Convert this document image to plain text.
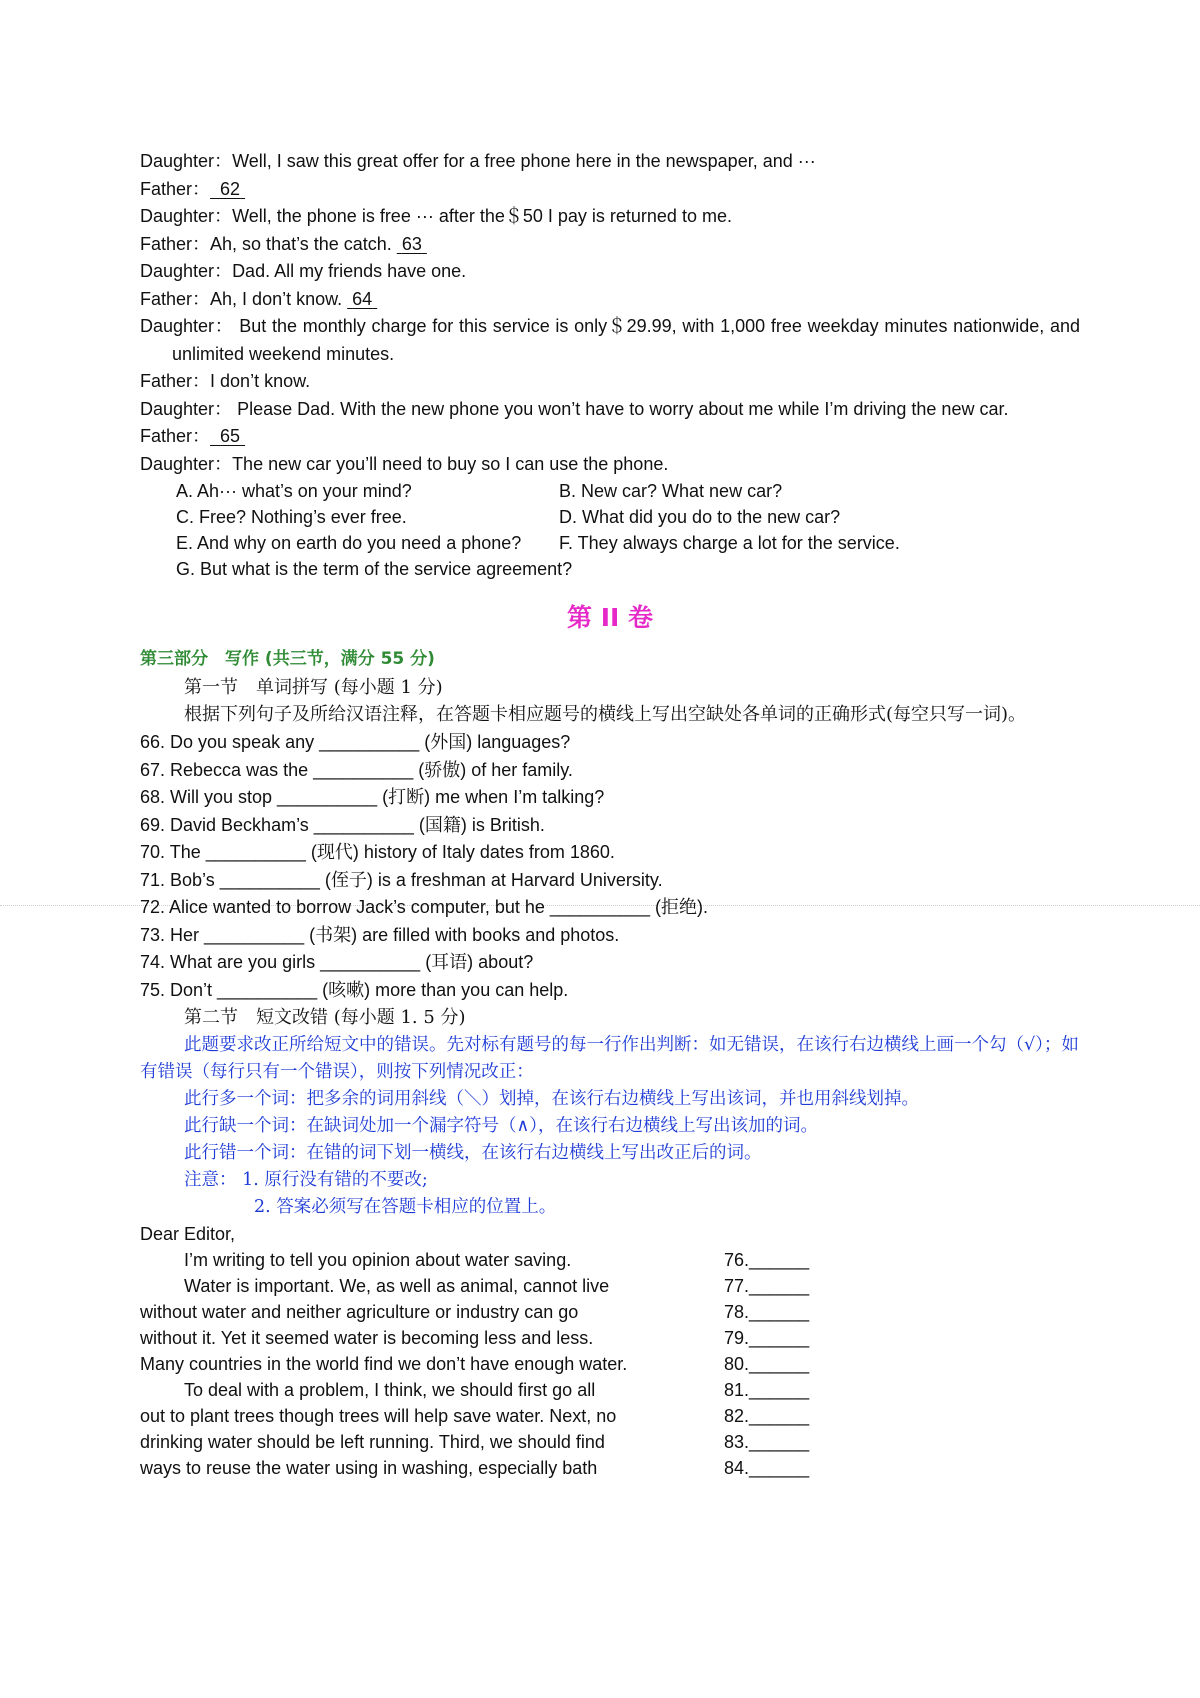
Daughter： Well, I saw this great offer for a free phone here in the newspaper, and ···
Father： 62
Daughter： Well, the phone is free ··· after the＄50 I pay is returned to me.
Father： Ah, so that’s the catch.  63
Daughter： Dad. All my friends have one.
Father： Ah, I don’t know.  64
Daughter： But the monthly charge for this service is only＄29.99, with 1,000 free weekday minutes nationwide, and unlimited weekend minutes.
Father： I don’t know.
Daughter： Please Dad. With the new phone you won’t have to worry about me while I’m driving the new car.
Father： 65
Daughter： The new car you’ll need to buy so I can use the phone.
A. Ah··· what’s on your mind?	B. New car? What new car?
C. Free? Nothing’s ever free.	D. What did you do to the new car?
E. And why on earth do you need a phone?	F. They always charge a lot for the service.
G. But what is the term of the service agreement?
第 II 卷
第三部分　写作 (共三节，满分 55 分)
第一节　单词拼写 (每小题 1 分)
根据下列句子及所给汉语注释，在答题卡相应题号的横线上写出空缺处各单词的正确形式(每空只写一词)。
66. Do you speak any __________ (外国) languages?
67. Rebecca was the __________ (骄傲) of her family.
68. Will you stop __________ (打断) me when I’m talking?
69. David Beckham’s __________ (国籍) is British.
70. The __________ (现代) history of Italy dates from 1860.
71. Bob’s __________ (侄子) is a freshman at Harvard University.
72. Alice wanted to borrow Jack’s computer, but he __________ (拒绝).
73. Her __________ (书架) are filled with books and photos.
74. What are you girls __________ (耳语) about?
75. Don’t __________ (咳嗽) more than you can help.
第二节　短文改错 (每小题 1. 5 分)
此题要求改正所给短文中的错误。先对标有题号的每一行作出判断：如无错误，在该行右边横线上画一个勾（√）；如有错误（每行只有一个错误），则按下列情况改正：
此行多一个词：把多余的词用斜线（＼）划掉，在该行右边横线上写出该词，并也用斜线划掉。
此行缺一个词：在缺词处加一个漏字符号（∧），在该行右边横线上写出该加的词。
此行错一个词：在错的词下划一横线，在该行右边横线上写出改正后的词。
注意： 1. 原行没有错的不要改;
2. 答案必须写在答题卡相应的位置上。
Dear Editor,
I’m writing to tell you opinion about water saving.	76.______
Water is important. We, as well as animal, cannot live	77.______
without water and neither agriculture or industry can go	78.______
without it. Yet it seemed water is becoming less and less.	79.______
Many countries in the world find we don’t have enough water.	80.______
To deal with a problem, I think, we should first go all	81.______
out to plant trees though trees will help save water. Next, no	82.______
drinking water should be left running. Third, we should find	83.______
ways to reuse the water using in washing, especially bath	84.______
